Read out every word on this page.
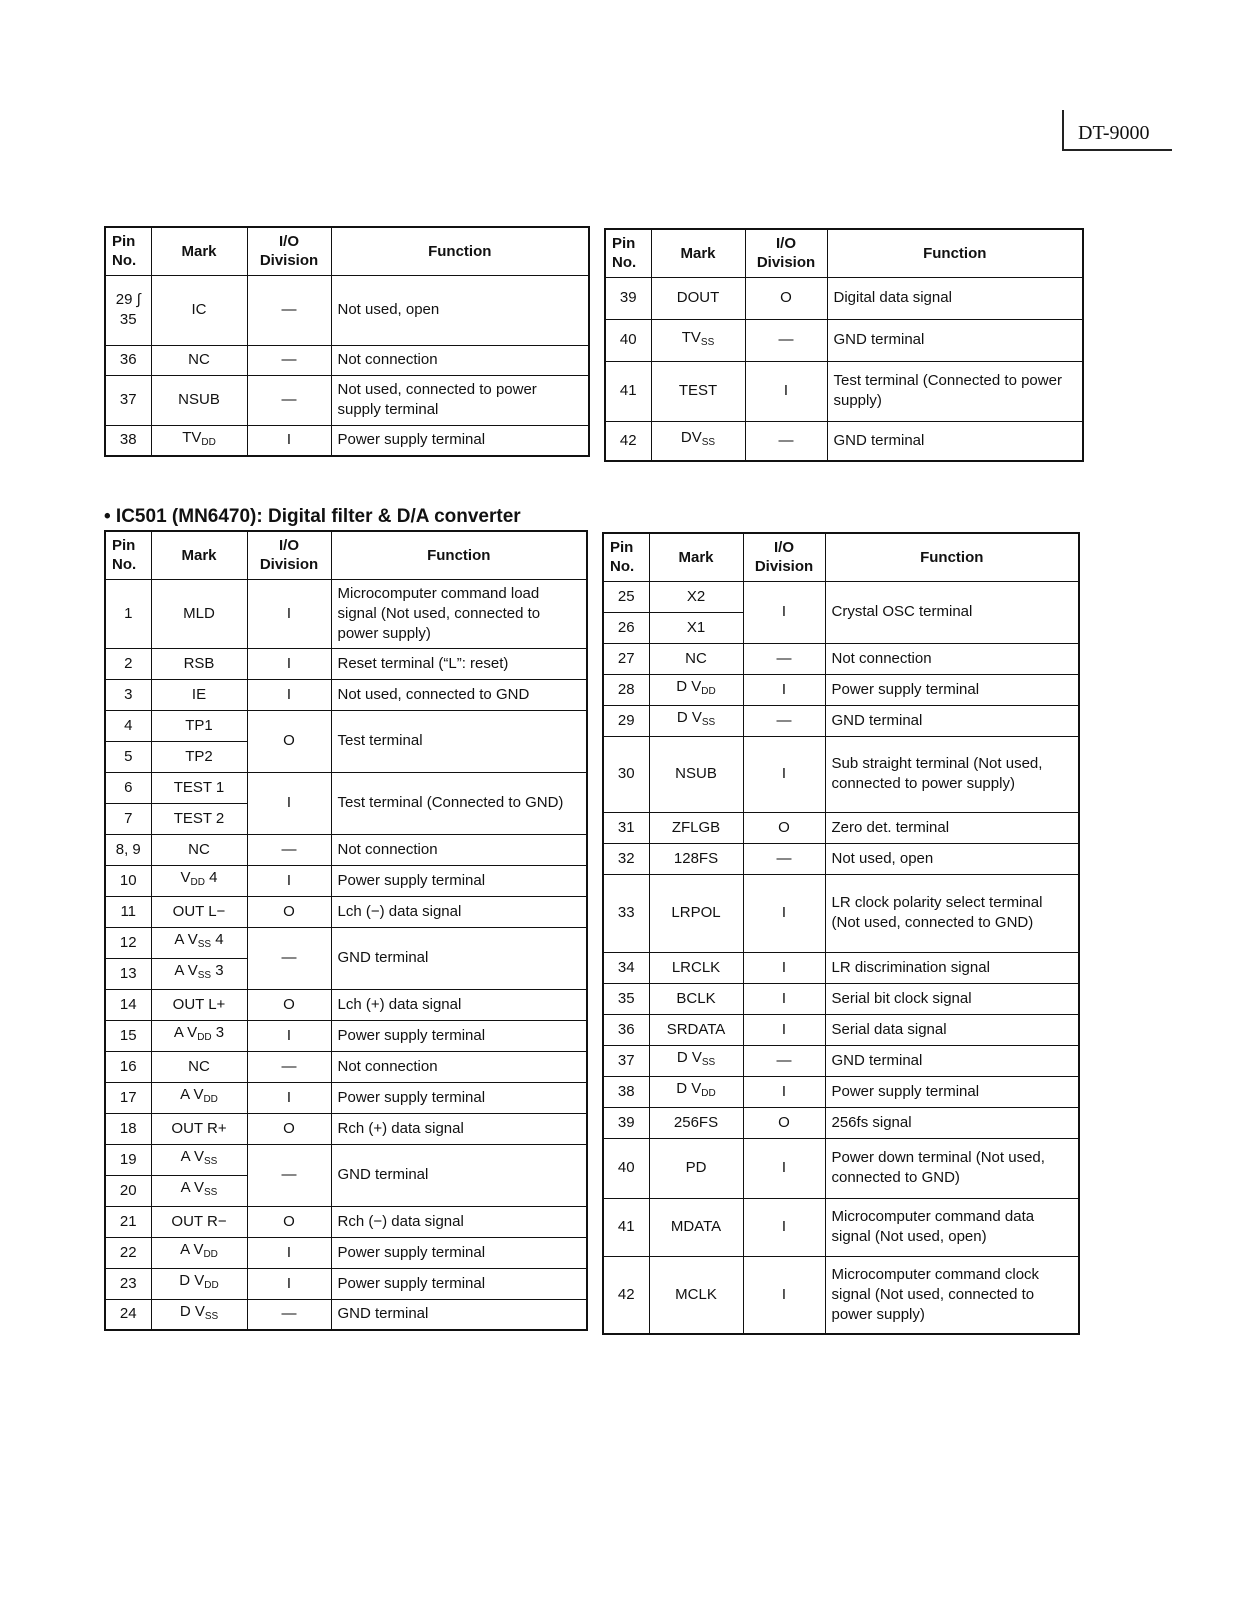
DT-9000
Pin No.	Mark	I/O Division	Function
29 ∫ 35	IC	—	Not used, open
36	NC	—	Not connection
37	NSUB	—	Not used, connected to power supply terminal
38	$TV_{DD}$	I	Power supply terminal
Pin No.	Mark	I/O Division	Function
39	DOUT	O	Digital data signal
40	$TV_{SS}$	—	GND terminal
41	TEST	I	Test terminal (Connected to power supply)
42	$DV_{SS}$	—	GND terminal
• IC501 (MN6470): Digital filter & D/A converter
Pin No.	Mark	I/O Division	Function
1	MLD	I	Microcomputer command load signal (Not used, connected to power supply)
2	RSB	I	Reset terminal (“L”: reset)
3	IE	I	Not used, connected to GND
4	TP1	O	Test terminal
5	TP2		
6	TEST 1	I	Test terminal (Connected to GND)
7	TEST 2		
8, 9	NC	—	Not connection
10	$V_{DD}$ 4	I	Power supply terminal
11	OUT L−	O	Lch (−) data signal
12	A $V_{SS}$ 4	—	GND terminal
13	A $V_{SS}$ 3		
14	OUT L+	O	Lch (+) data signal
15	A $V_{DD}$ 3	I	Power supply terminal
16	NC	—	Not connection
17	A $V_{DD}$	I	Power supply terminal
18	OUT R+	O	Rch (+) data signal
19	A $V_{SS}$	—	GND terminal
20	A $V_{SS}$
21	OUT R−	O	Rch (−) data signal
22	A $V_{DD}$	I	Power supply terminal
23	D $V_{DD}$	I	Power supply terminal
24	D $V_{SS}$	—	GND terminal
Pin No.	Mark	I/O Division	Function
25	X2	I	Crystal OSC terminal
26	X1		
27	NC	—	Not connection
28	D $V_{DD}$	I	Power supply terminal
29	D $V_{SS}$	—	GND terminal
30	NSUB	I	Sub straight terminal (Not used, connected to power supply)
31	ZFLGB	O	Zero det. terminal
32	128FS	—	Not used, open
33	LRPOL	I	LR clock polarity select terminal (Not used, connected to GND)
34	LRCLK	I	LR discrimination signal
35	BCLK	I	Serial bit clock signal
36	SRDATA	I	Serial data signal
37	D $V_{SS}$	—	GND terminal
38	D $V_{DD}$	I	Power supply terminal
39	256FS	O	256fs signal
40	PD	I	Power down terminal (Not used, connected to GND)
41	MDATA	I	Microcomputer command data signal (Not used, open)
42	MCLK	I	Microcomputer command clock signal (Not used, connected to power supply)
